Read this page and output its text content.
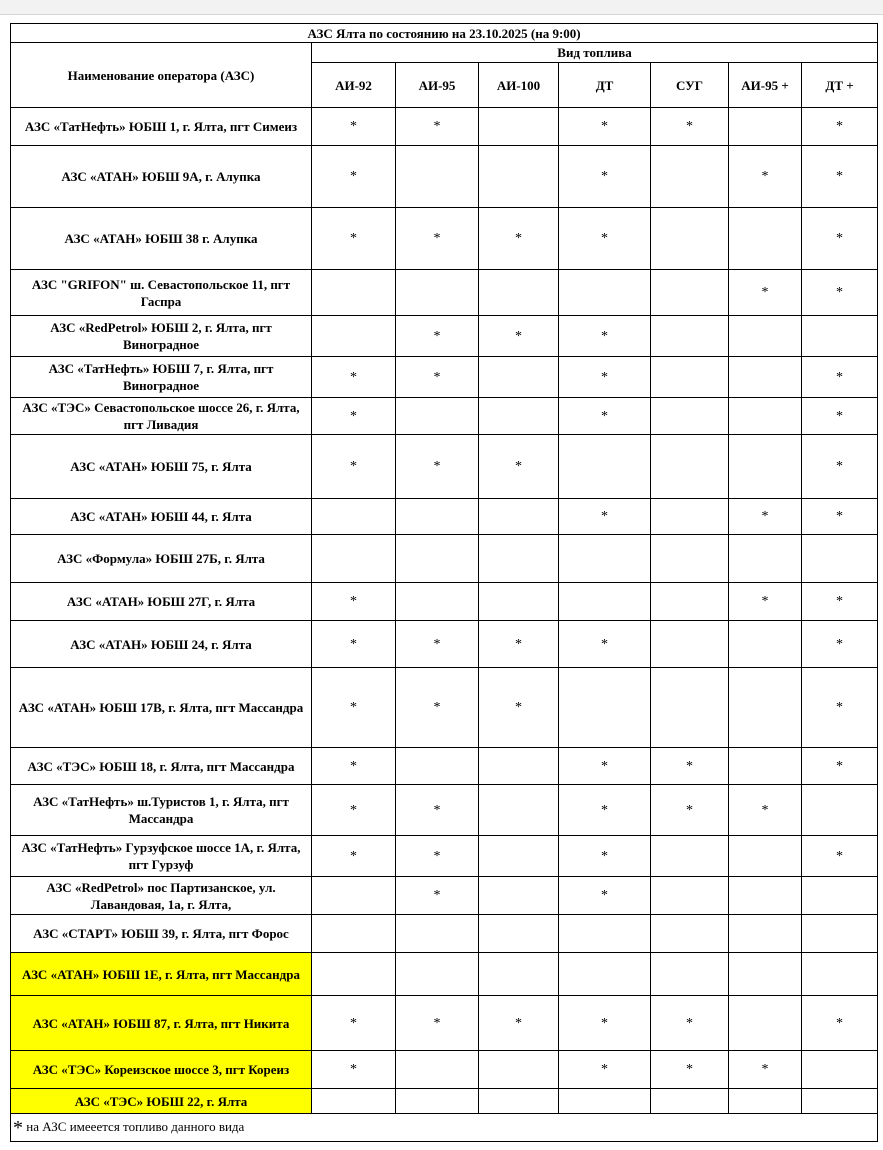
АЗС Ялта по состоянию на 23.10.2025 (на 9:00)							
Наименование оператора (АЗС)	Вид топлива						
	АИ-92	АИ-95	АИ-100	ДТ	СУГ	АИ-95 +	ДТ +
АЗС «ТатНефть» ЮБШ 1, г. Ялта, пгт Симеиз	*	*		*	*		*
АЗС «АТАН» ЮБШ 9А, г. Алупка	*			*		*	*
АЗС «АТАН» ЮБШ 38 г. Алупка	*	*	*	*			*
АЗС "GRIFON" ш. Севастопольское 11, пгт Гаспра						*	*
АЗС «RedPetrol» ЮБШ 2, г. Ялта, пгт Виноградное		*	*	*			
АЗС «ТатНефть» ЮБШ 7, г. Ялта, пгт Виноградное	*	*		*			*
АЗС «ТЭС» Севастопольское шоссе 26, г. Ялта, пгт Ливадия	*			*			*
АЗС «АТАН» ЮБШ 75, г. Ялта	*	*	*				*
АЗС «АТАН» ЮБШ 44, г. Ялта				*		*	*
АЗС «Формула» ЮБШ 27Б, г. Ялта							
АЗС «АТАН» ЮБШ 27Г, г. Ялта	*					*	*
АЗС «АТАН» ЮБШ 24, г. Ялта	*	*	*	*			*
АЗС «АТАН» ЮБШ 17В, г. Ялта, пгт Массандра	*	*	*				*
АЗС «ТЭС» ЮБШ 18, г. Ялта, пгт Массандра	*			*	*		*
АЗС «ТатНефть» ш.Туристов 1, г. Ялта, пгт Массандра	*	*		*	*	*	
АЗС «ТатНефть» Гурзуфское шоссе 1А, г. Ялта, пгт Гурзуф	*	*		*			*
АЗС «RedPetrol» пос Партизанское, ул. Лавандовая, 1а, г. Ялта,		*		*			
АЗС «СТАРТ» ЮБШ 39, г. Ялта, пгт Форос							
АЗС «АТАН» ЮБШ 1Е, г. Ялта, пгт Массандра							
АЗС «АТАН» ЮБШ 87, г. Ялта, пгт Никита	*	*	*	*	*		*
АЗС «ТЭС» Кореизское шоссе 3, пгт Кореиз	*			*	*	*	
АЗС «ТЭС» ЮБШ 22, г. Ялта							
* на АЗС имееется топливо данного вида							
